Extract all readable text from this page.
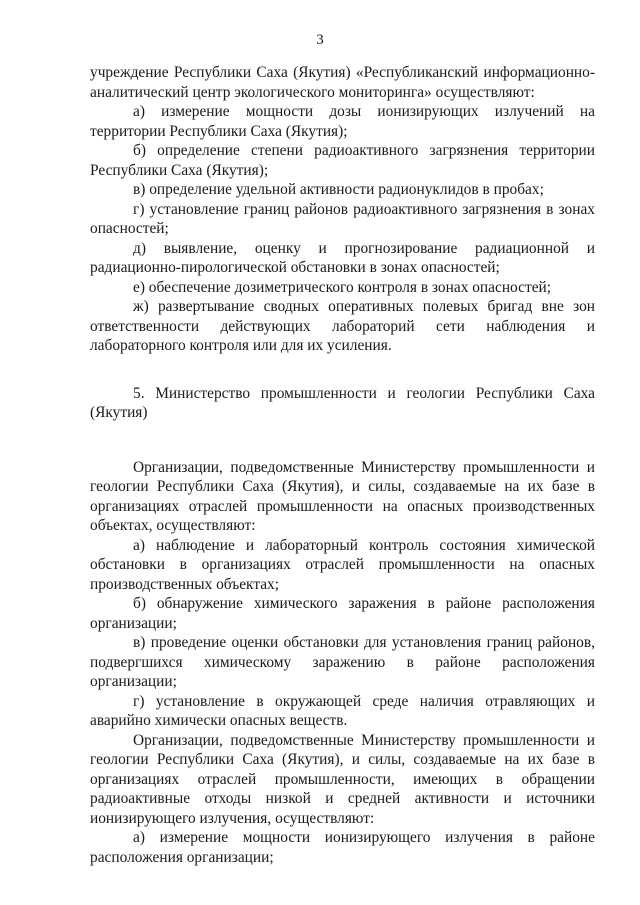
3

учреждение Республики Саха (Якутия) «Республиканский информационно-аналитический центр экологического мониторинга» осуществляют:

а) измерение мощности дозы ионизирующих излучений на территории Республики Саха (Якутия);

б) определение степени радиоактивного загрязнения территории Республики Саха (Якутия);

в) определение удельной активности радионуклидов в пробах;

г) установление границ районов радиоактивного загрязнения в зонах опасностей;

д) выявление, оценку и прогнозирование радиационной и радиационно-пирологической обстановки в зонах опасностей;

е) обеспечение дозиметрического контроля в зонах опасностей;

ж) развертывание сводных оперативных полевых бригад вне зон ответственности действующих лабораторий сети наблюдения и лабораторного контроля или для их усиления.

5. Министерство промышленности и геологии Республики Саха (Якутия)

Организации, подведомственные Министерству промышленности и геологии Республики Саха (Якутия), и силы, создаваемые на их базе в организациях отраслей промышленности на опасных производственных объектах, осуществляют:

а) наблюдение и лабораторный контроль состояния химической обстановки в организациях отраслей промышленности на опасных производственных объектах;

б) обнаружение химического заражения в районе расположения организации;

в) проведение оценки обстановки для установления границ районов, подвергшихся химическому заражению в районе расположения организации;

г) установление в окружающей среде наличия отравляющих и аварийно химически опасных веществ.

Организации, подведомственные Министерству промышленности и геологии Республики Саха (Якутия), и силы, создаваемые на их базе в организациях отраслей промышленности, имеющих в обращении радиоактивные отходы низкой и средней активности и источники ионизирующего излучения, осуществляют:

а) измерение мощности ионизирующего излучения в районе расположения организации;
